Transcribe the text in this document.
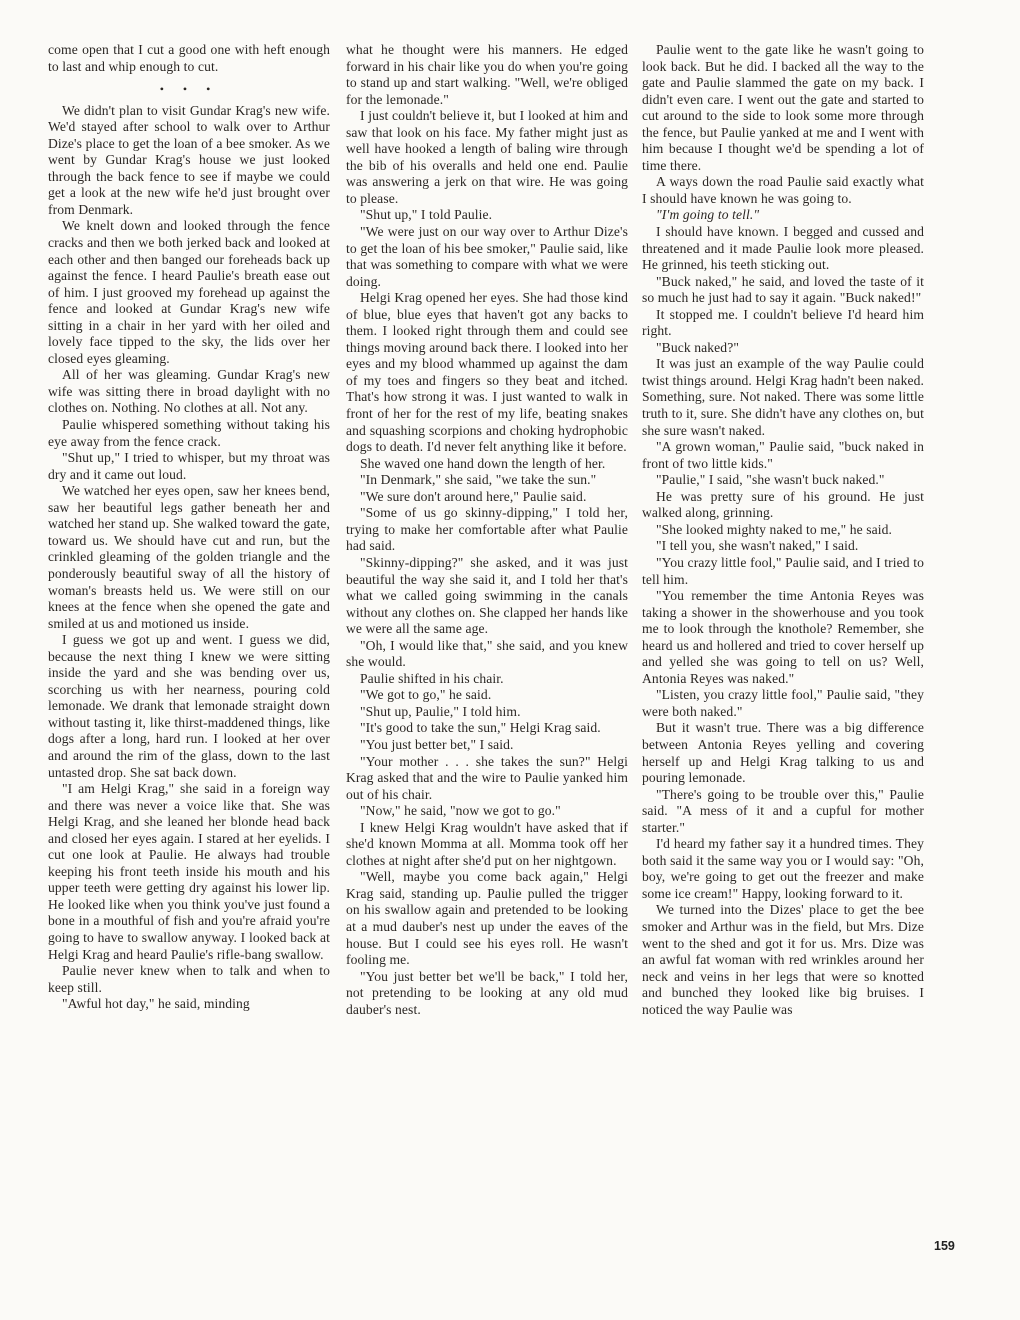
come open that I cut a good one with heft enough to last and whip enough to cut.

• • •

We didn't plan to visit Gundar Krag's new wife. We'd stayed after school to walk over to Arthur Dize's place to get the loan of a bee smoker. As we went by Gundar Krag's house we just looked through the back fence to see if maybe we could get a look at the new wife he'd just brought over from Denmark.

We knelt down and looked through the fence cracks and then we both jerked back and looked at each other and then banged our foreheads back up against the fence. I heard Paulie's breath ease out of him. I just grooved my forehead up against the fence and looked at Gundar Krag's new wife sitting in a chair in her yard with her oiled and lovely face tipped to the sky, the lids over her closed eyes gleaming.

All of her was gleaming. Gundar Krag's new wife was sitting there in broad daylight with no clothes on. Nothing. No clothes at all. Not any.

Paulie whispered something without taking his eye away from the fence crack.

"Shut up," I tried to whisper, but my throat was dry and it came out loud.

We watched her eyes open, saw her knees bend, saw her beautiful legs gather beneath her and watched her stand up. She walked toward the gate, toward us. We should have cut and run, but the crinkled gleaming of the golden triangle and the ponderously beautiful sway of all the history of woman's breasts held us. We were still on our knees at the fence when she opened the gate and smiled at us and motioned us inside.

I guess we got up and went. I guess we did, because the next thing I knew we were sitting inside the yard and she was bending over us, scorching us with her nearness, pouring cold lemonade. We drank that lemonade straight down without tasting it, like thirst-maddened things, like dogs after a long, hard run. I looked at her over and around the rim of the glass, down to the last untasted drop. She sat back down.

"I am Helgi Krag," she said in a foreign way and there was never a voice like that. She was Helgi Krag, and she leaned her blonde head back and closed her eyes again. I stared at her eyelids. I cut one look at Paulie. He always had trouble keeping his front teeth inside his mouth and his upper teeth were getting dry against his lower lip. He looked like when you think you've just found a bone in a mouthful of fish and you're afraid you're going to have to swallow anyway. I looked back at Helgi Krag and heard Paulie's rifle-bang swallow.

Paulie never knew when to talk and when to keep still.

"Awful hot day," he said, minding

what he thought were his manners. He edged forward in his chair like you do when you're going to stand up and start walking. "Well, we're obliged for the lemonade."

I just couldn't believe it, but I looked at him and saw that look on his face. My father might just as well have hooked a length of baling wire through the bib of his overalls and held one end. Paulie was answering a jerk on that wire. He was going to please.

"Shut up," I told Paulie.

"We were just on our way over to Arthur Dize's to get the loan of his bee smoker," Paulie said, like that was something to compare with what we were doing.

Helgi Krag opened her eyes. She had those kind of blue, blue eyes that haven't got any backs to them. I looked right through them and could see things moving around back there. I looked into her eyes and my blood whammed up against the dam of my toes and fingers so they beat and itched. That's how strong it was. I just wanted to walk in front of her for the rest of my life, beating snakes and squashing scorpions and choking hydrophobic dogs to death. I'd never felt anything like it before.

She waved one hand down the length of her.

"In Denmark," she said, "we take the sun."

"We sure don't around here," Paulie said.

"Some of us go skinny-dipping," I told her, trying to make her comfortable after what Paulie had said.

"Skinny-dipping?" she asked, and it was just beautiful the way she said it, and I told her that's what we called going swimming in the canals without any clothes on. She clapped her hands like we were all the same age.

"Oh, I would like that," she said, and you knew she would.

Paulie shifted in his chair.

"We got to go," he said.

"Shut up, Paulie," I told him.

"It's good to take the sun," Helgi Krag said.

"You just better bet," I said.

"Your mother . . . she takes the sun?" Helgi Krag asked that and the wire to Paulie yanked him out of his chair.

"Now," he said, "now we got to go."

I knew Helgi Krag wouldn't have asked that if she'd known Momma at all. Momma took off her clothes at night after she'd put on her nightgown.

"Well, maybe you come back again," Helgi Krag said, standing up. Paulie pulled the trigger on his swallow again and pretended to be looking at a mud dauber's nest up under the eaves of the house. But I could see his eyes roll. He wasn't fooling me.

"You just better bet we'll be back," I told her, not pretending to be looking at any old mud dauber's nest.

Paulie went to the gate like he wasn't going to look back. But he did. I backed all the way to the gate and Paulie slammed the gate on my back. I didn't even care. I went out the gate and started to cut around to the side to look some more through the fence, but Paulie yanked at me and I went with him because I thought we'd be spending a lot of time there.

A ways down the road Paulie said exactly what I should have known he was going to.

"I'm going to tell."

I should have known. I begged and cussed and threatened and it made Paulie look more pleased. He grinned, his teeth sticking out.

"Buck naked," he said, and loved the taste of it so much he just had to say it again. "Buck naked!"

It stopped me. I couldn't believe I'd heard him right.

"Buck naked?"

It was just an example of the way Paulie could twist things around. Helgi Krag hadn't been naked. Something, sure. Not naked. There was some little truth to it, sure. She didn't have any clothes on, but she sure wasn't naked.

"A grown woman," Paulie said, "buck naked in front of two little kids."

"Paulie," I said, "she wasn't buck naked."

He was pretty sure of his ground. He just walked along, grinning.

"She looked mighty naked to me," he said.

"I tell you, she wasn't naked," I said.

"You crazy little fool," Paulie said, and I tried to tell him.

"You remember the time Antonia Reyes was taking a shower in the showerhouse and you took me to look through the knothole? Remember, she heard us and hollered and tried to cover herself up and yelled she was going to tell on us? Well, Antonia Reyes was naked."

"Listen, you crazy little fool," Paulie said, "they were both naked."

But it wasn't true. There was a big difference between Antonia Reyes yelling and covering herself up and Helgi Krag talking to us and pouring lemonade.

"There's going to be trouble over this," Paulie said. "A mess of it and a cupful for mother starter."

I'd heard my father say it a hundred times. They both said it the same way you or I would say: "Oh, boy, we're going to get out the freezer and make some ice cream!" Happy, looking forward to it.

We turned into the Dizes' place to get the bee smoker and Arthur was in the field, but Mrs. Dize went to the shed and got it for us. Mrs. Dize was an awful fat woman with red wrinkles around her neck and veins in her legs that were so knotted and bunched they looked like big bruises. I noticed the way Paulie was

159
